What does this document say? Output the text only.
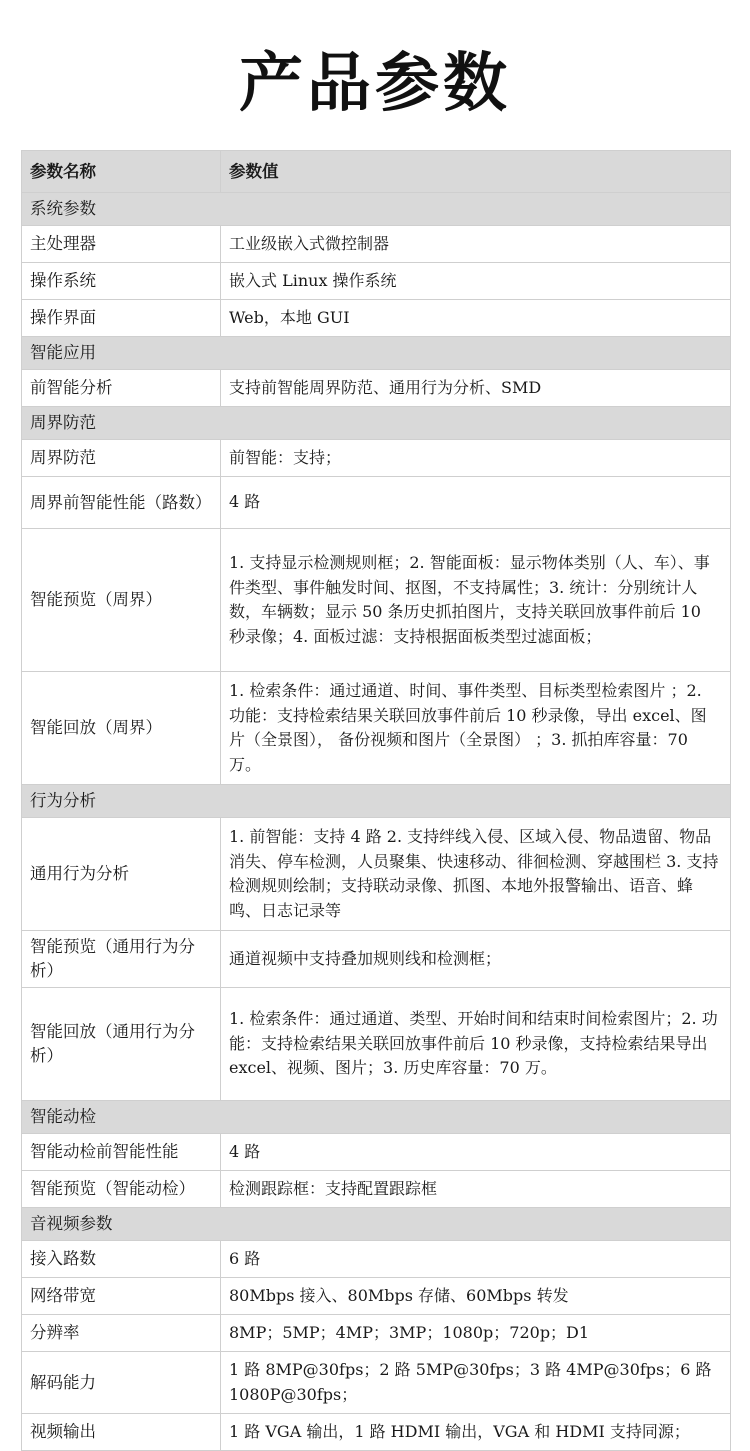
产品参数
参数名称	参数值
系统参数	
主处理器	工业级嵌入式微控制器
操作系统	嵌入式 Linux 操作系统
操作界面	Web，本地 GUI
智能应用	
前智能分析	支持前智能周界防范、通用行为分析、SMD
周界防范	
周界防范	前智能：支持；
周界前智能性能（路数）	4 路
智能预览（周界）	1. 支持显示检测规则框；2. 智能面板：显示物体类别（人、车）、事件类型、事件触发时间、抠图，不支持属性；3. 统计：分别统计人数，车辆数；显示 50 条历史抓拍图片，支持关联回放事件前后 10 秒录像；4. 面板过滤：支持根据面板类型过滤面板；
智能回放（周界）	1. 检索条件：通过通道、时间、事件类型、目标类型检索图片 ；2. 功能：支持检索结果关联回放事件前后 10 秒录像，导出 excel、图片（全景图）， 备份视频和图片（全景图） ；3. 抓拍库容量：70 万。
行为分析	
通用行为分析	1. 前智能：支持 4 路 2. 支持绊线入侵、区域入侵、物品遗留、物品消失、停车检测，人员聚集、快速移动、徘徊检测、穿越围栏 3. 支持检测规则绘制；支持联动录像、抓图、本地外报警输出、语音、蜂鸣、日志记录等
智能预览（通用行为分析）	通道视频中支持叠加规则线和检测框；
智能回放（通用行为分析）	1. 检索条件：通过通道、类型、开始时间和结束时间检索图片；2. 功能：支持检索结果关联回放事件前后 10 秒录像，支持检索结果导出 excel、视频、图片；3. 历史库容量：70 万。
智能动检	
智能动检前智能性能	4 路
智能预览（智能动检）	检测跟踪框：支持配置跟踪框
音视频参数	
接入路数	6 路
网络带宽	80Mbps 接入、80Mbps 存储、60Mbps 转发
分辨率	8MP；5MP；4MP；3MP；1080p；720p；D1
解码能力	1 路 8MP@30fps；2 路 5MP@30fps；3 路 4MP@30fps；6 路 1080P@30fps；
视频输出	1 路 VGA 输出，1 路 HDMI 输出，VGA 和 HDMI 支持同源；
